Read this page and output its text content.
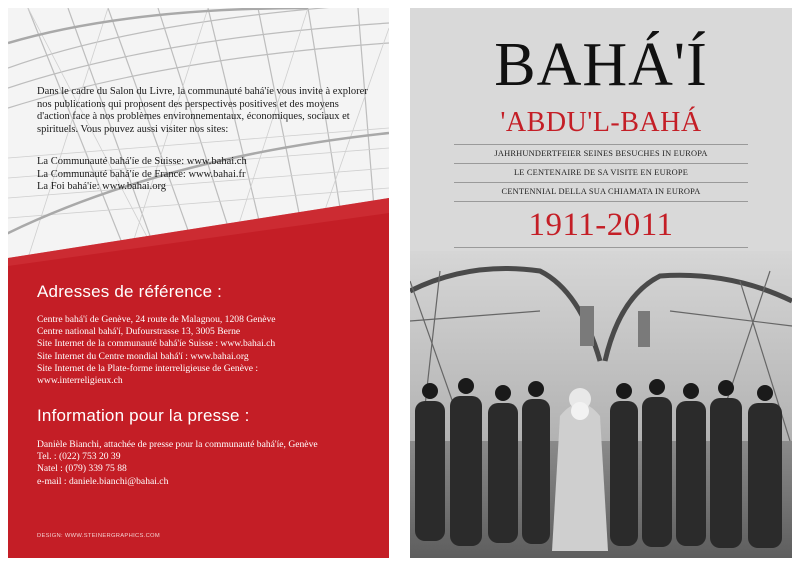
Dans le cadre du Salon du Livre, la communauté bahá'íe vous invite à explorer nos publications qui proposent des perspectives positives et des moyens d'action face à nos problèmes environnementaux, économiques, sociaux et spirituels. Vous pouvez aussi visiter nos sites:

La Communauté bahá'íe de Suisse: www.bahai.ch
La Communauté bahá'íe de France: www.bahai.fr
La Foi bahá'íe: www.bahai.org
Adresses de référence :
Centre bahá'í de Genève, 24 route de Malagnou, 1208 Genève
Centre national bahá'í, Dufourstrasse 13, 3005 Berne
Site Internet de la communauté bahá'íe Suisse : www.bahai.ch
Site Internet du Centre mondial bahá'í : www.bahai.org
Site Internet de la Plate-forme interreligieuse de Genève :
www.interreligieux.ch
Information pour la presse :
Danièle Bianchi, attachée de presse pour la communauté bahá'íe, Genève
Tel. : (022) 753 20 39
Natel : (079) 339 75 88
e-mail : daniele.bianchi@bahai.ch
DESIGN: WWW.STEINERGRAPHICS.COM
BAHÁ'Í
'ABDU'L-BAHÁ
JAHRHUNDERTFEIER SEINES BESUCHES IN EUROPA
LE CENTENAIRE DE SA VISITE EN EUROPE
CENTENNIAL DELLA SUA CHIAMATA IN EUROPA
1911-2011
